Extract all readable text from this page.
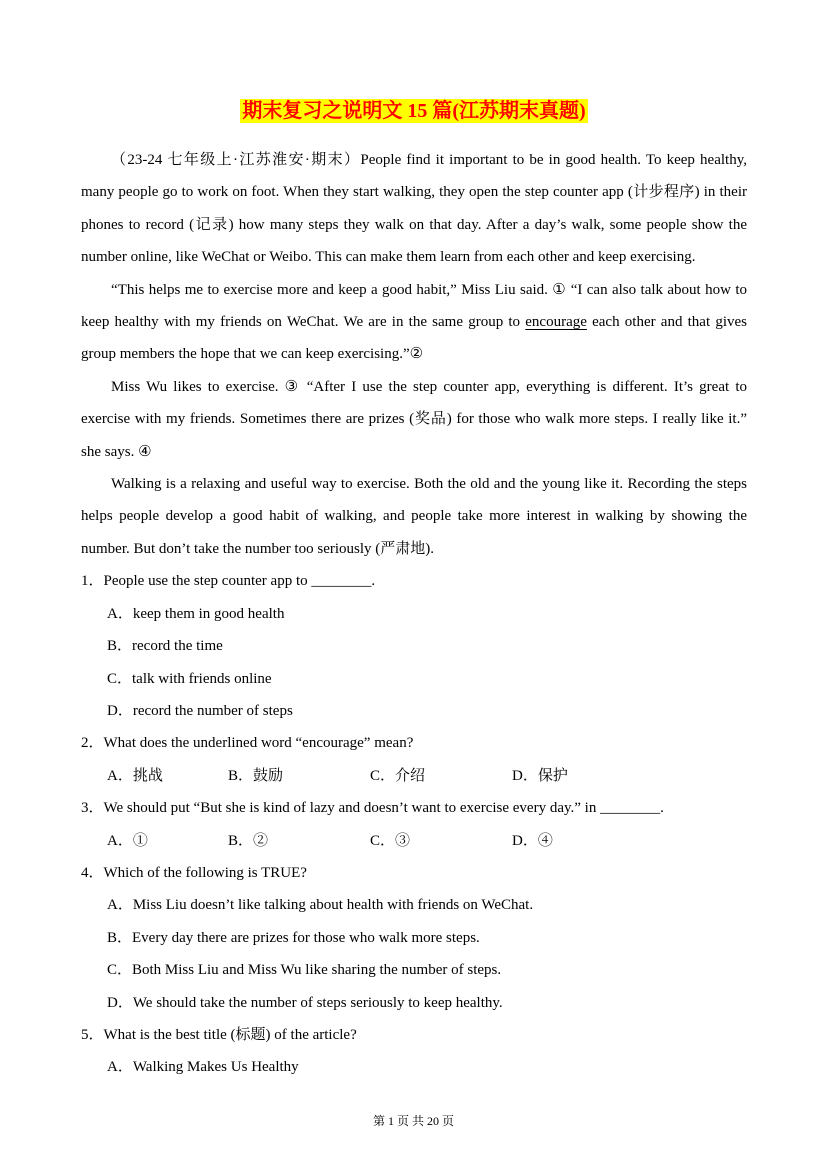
期末复习之说明文 15 篇(江苏期末真题)

（23-24 七年级上·江苏淮安·期末）People find it important to be in good health. To keep healthy, many people go to work on foot. When they start walking, they open the step counter app (计步程序) in their phones to record (记录) how many steps they walk on that day. After a day’s walk, some people show the number online, like WeChat or Weibo. This can make them learn from each other and keep exercising.

“This helps me to exercise more and keep a good habit,” Miss Liu said. ① “I can also talk about how to keep healthy with my friends on WeChat. We are in the same group to encourage each other and that gives group members the hope that we can keep exercising.”②

Miss Wu likes to exercise. ③ “After I use the step counter app, everything is different. It’s great to exercise with my friends. Sometimes there are prizes (奖品) for those who walk more steps. I really like it.” she says. ④

Walking is a relaxing and useful way to exercise. Both the old and the young like it. Recording the steps helps people develop a good habit of walking, and people take more interest in walking by showing the number. But don’t take the number too seriously (严肃地).

1．People use the step counter app to ________.
A．keep them in good health
B．record the time
C．talk with friends online
D．record the number of steps
2．What does the underlined word “encourage” mean?
A．挑战	B．鼓励	C．介绍	D．保护
3．We should put “But she is kind of lazy and doesn’t want to exercise every day.” in ________.
A．①	B．②	C．③	D．④
4．Which of the following is TRUE?
A．Miss Liu doesn’t like talking about health with friends on WeChat.
B．Every day there are prizes for those who walk more steps.
C．Both Miss Liu and Miss Wu like sharing the number of steps.
D．We should take the number of steps seriously to keep healthy.
5．What is the best title (标题) of the article?
A．Walking Makes Us Healthy
第 1 页 共 20 页
